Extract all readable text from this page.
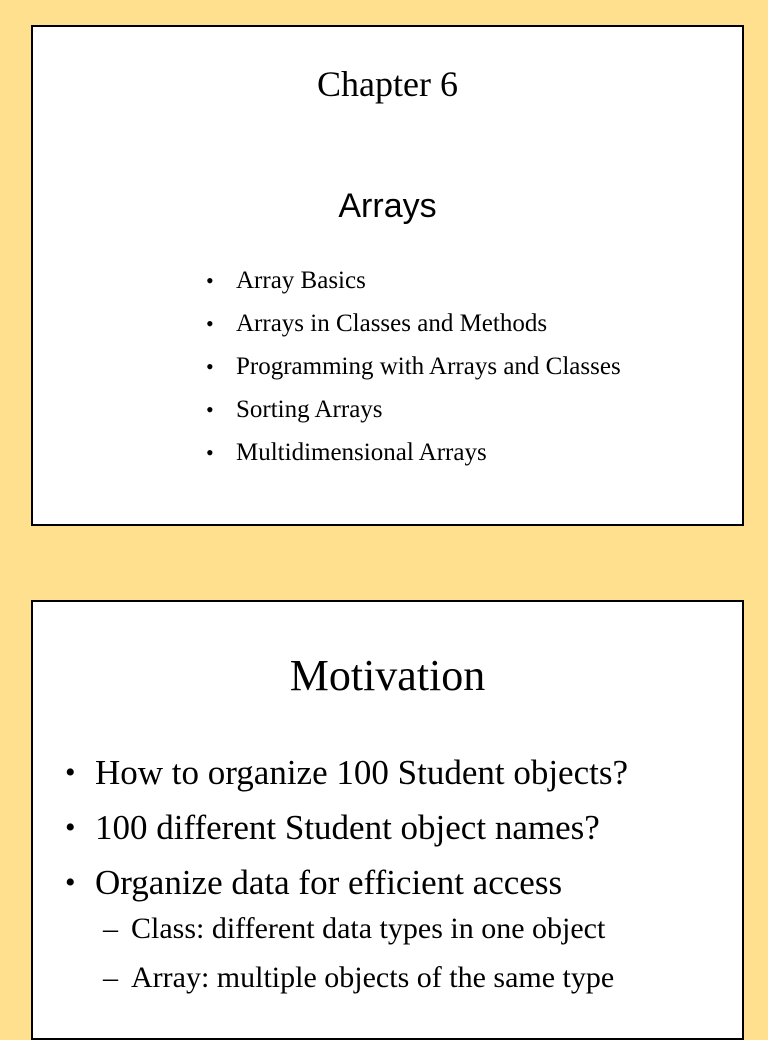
Chapter 6
Arrays
• Array Basics
• Arrays in Classes and Methods
• Programming with Arrays and Classes
• Sorting Arrays
• Multidimensional Arrays
Motivation
• How to organize 100 Student objects?
• 100 different Student object names?
• Organize data for efficient access
– Class: different data types in one object
– Array: multiple objects of the same type
